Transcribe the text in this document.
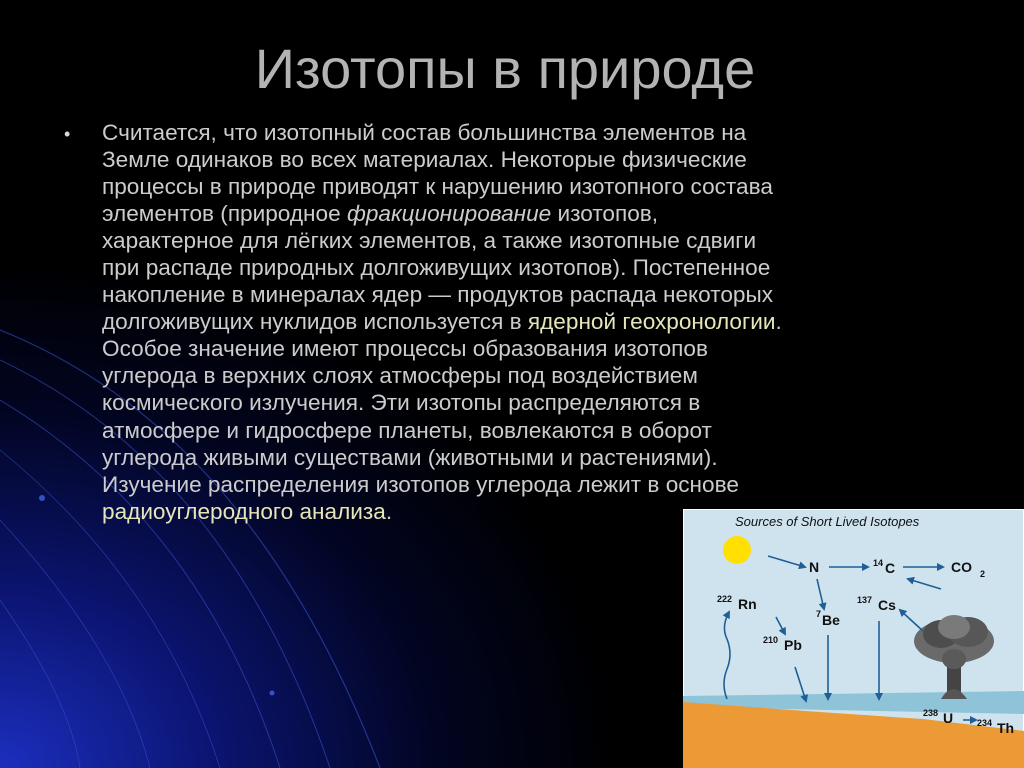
Изотопы в природе
• Считается, что изотопный состав большинства элементов на
Земле одинаков во всех материалах. Некоторые физические
процессы в природе приводят к нарушению изотопного состава
элементов (природное фракционирование изотопов,
характерное для лёгких элементов, а также изотопные сдвиги
при распаде природных долгоживущих изотопов). Постепенное
накопление в минералах ядер — продуктов распада некоторых
долгоживущих нуклидов используется в ядерной геохронологии.
Особое значение имеют процессы образования изотопов
углерода в верхних слоях атмосферы под воздействием
космического излучения. Эти изотопы распределяются в
атмосфере и гидросфере планеты, вовлекаются в оборот
углерода живыми существами (животными и растениями).
Изучение распределения изотопов углерода лежит в основе
радиоуглеродного анализа.	Sources of Short Lived Isotopes
N	14 C	CO 2
222 Rn
7 Be
137 Cs
210 Pb
238 U	234 Th
